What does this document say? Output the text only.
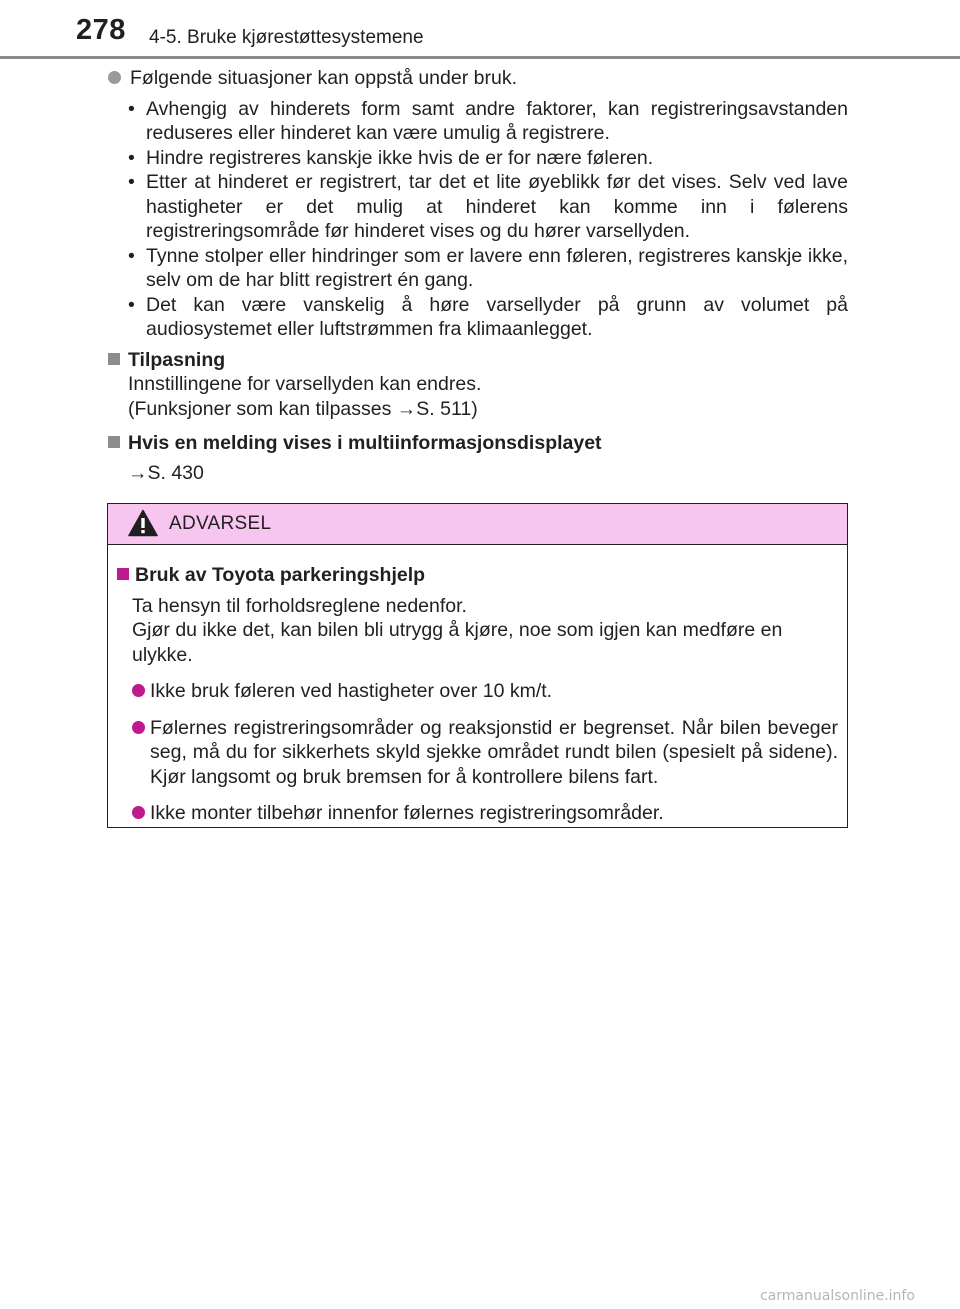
278 4-5. Bruke kjørestøttesystemene
Følgende situasjoner kan oppstå under bruk.
• Avhengig av hinderets form samt andre faktorer, kan registreringsavstanden reduseres eller hinderet kan være umulig å registrere.
• Hindre registreres kanskje ikke hvis de er for nære føleren.
• Etter at hinderet er registrert, tar det et lite øyeblikk før det vises. Selv ved lave hastigheter er det mulig at hinderet kan komme inn i følerens registreringsområde før hinderet vises og du hører varsellyden.
• Tynne stolper eller hindringer som er lavere enn føleren, registreres kanskje ikke, selv om de har blitt registrert én gang.
• Det kan være vanskelig å høre varsellyder på grunn av volumet på audiosystemet eller luftstrømmen fra klimaanlegget.
Tilpasning
Innstillingene for varsellyden kan endres.
(Funksjoner som kan tilpasses →S. 511)
Hvis en melding vises i multiinformasjonsdisplayet
→S. 430
ADVARSEL
Bruk av Toyota parkeringshjelp
Ta hensyn til forholdsreglene nedenfor.
Gjør du ikke det, kan bilen bli utrygg å kjøre, noe som igjen kan medføre en ulykke.
Ikke bruk føleren ved hastigheter over 10 km/t.
Følernes registreringsområder og reaksjonstid er begrenset. Når bilen beveger seg, må du for sikkerhets skyld sjekke området rundt bilen (spesielt på sidene). Kjør langsomt og bruk bremsen for å kontrollere bilens fart.
Ikke monter tilbehør innenfor følernes registreringsområder.
carmanualsonline.info
